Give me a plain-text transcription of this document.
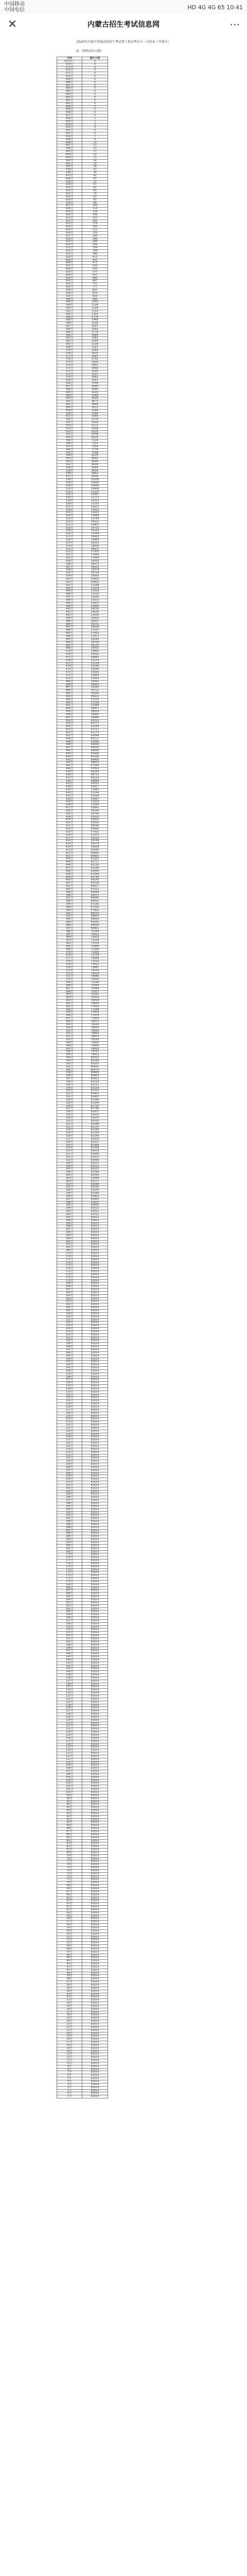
中国移动
中国电信	HD 4G 4G 65 10:41
✕	内蒙古招生考试信息网	⋯
2020年内蒙古普通高校招生考试理工类高考总分一分段表（含加分）
段（理科段位分数）
分段	累计人数
675以上	0
674分	0
673分	0
672分	0
671分	0
670分	0
669分	0
668分	0
667分	0
666分	0
665分	0
664分	0
663分	0
662分	0
661分	0
660分	0
659分	0
658分	0
657分	0
656分	1
655分	2
654分	3
653分	4
652分	4
651分	5
650分	7
649分	9
648分	10
647分	13
646分	15
645分	17
644分	19
643分	21
642分	24
641分	25
640分	28
639分	32
638分	36
637分	42
636分	47
635分	52
634分	57
633分	62
632分	69
631分	76
630分	83
629分	90
628分	99
627分	109
626分	119
625分	128
624分	140
623分	152
622分	165
621分	179
620分	195
619分	212
618分	229
617分	246
616分	266
615分	286
614分	309
613分	334
612分	359
611分	386
610分	413
609分	442
608分	471
607分	503
606分	536
605分	570
604分	607
603分	646
602分	687
601分	731
600分	777
599分	825
598分	876
597分	929
596分	984
595分	1043
594分	1104
593分	1166
592分	1233
591分	1302
590分	1374
589分	1449
588分	1528
587分	1607
586分	1691
585分	1779
584分	1869
583分	1962
582分	2059
581分	2158
580分	2261
579分	2365
578分	2475
577分	2587
576分	2702
575分	2820
574分	2941
573分	3066
572分	3195
571分	3327
570分	3462
569分	3601
568分	3744
567分	3890
566分	4040
565分	4193
564分	4349
563分	4509
562分	4673
561分	4840
560分	5011
559分	5186
558分	5364
557分	5545
556分	5730
555分	5919
554分	6111
553分	6306
552分	6505
551分	6708
550分	6914
549分	7124
548分	7337
547分	7554
546分	7774
545分	7998
544分	8225
543分	8456
542分	8690
541分	8928
540分	9169
539分	9414
538分	9662
537分	9914
536分	10169
535分	10428
534分	10690
533分	10956
532分	11225
531分	11497
530分	11773
529分	12052
528分	12335
527分	12621
526分	12910
525分	13203
524分	13499
523分	13798
522分	14101
521分	14407
520分	14716
519分	15029
518分	15344
517分	15663
516分	15985
515分	16310
514分	16638
513分	16970
512分	17305
511分	17643
510分	17984
509分	18328
508分	18675
507分	19025
506分	19378
505分	19734
504分	20093
503分	20455
502分	20820
501分	21188
500分	21559
499分	21933
498分	22310
497分	22690
496分	23072
495分	23457
494分	23845
493分	24236
492分	24630
491分	25026
490分	25425
489分	25827
488分	26231
487分	26638
486分	27047
485分	27459
484分	27873
483分	28290
482分	28709
481分	29131
480分	29555
479分	29981
478分	30410
477分	30841
476分	31274
475分	31709
474分	32146
473分	32585
472分	33026
471分	33469
470分	33914
469分	34361
468分	34810
467分	35260
466分	35712
465分	36166
464分	36621
463分	37078
462分	37536
461分	37996
460分	38457
459分	38919
458分	39382
457分	39846
456分	40311
455分	40777
454分	41244
453分	41711
452分	42179
451分	42648
450分	43117
449分	43586
448分	44056
447分	44526
446分	44996
445分	45466
444分	45936
443分	46406
442分	46876
441分	47345
440分	47814
439分	48283
438分	48751
437分	49219
436分	49686
435分	50152
434分	50617
433分	51081
432分	51544
431分	52006
430分	52467
429分	52926
428分	53384
427分	53841
426分	54296
425分	54750
424分	55202
423分	55652
422分	56100
421分	56546
420分	56990
419分	57432
418分	57872
417分	58310
416分	58745
415分	59178
414分	59608
413分	60035
412分	60460
411分	60882
410分	61301
409分	61717
408分	62130
407分	62540
406分	62946
405分	63349
404分	63749
403分	64145
402分	64538
401分	64927
400分	65312
399分	65694
398分	66071
397分	66445
396分	66815
395分	67181
394分	67543
393分	67901
392分	68255
391分	68605
390分	68950
389分	69291
388分	69628
387分	69961
386分	70289
385分	70613
384分	70933
383分	71248
382分	71559
381分	71866
380分	72168
379分	72466
378分	72759
377分	73048
376分	73332
375分	73612
374分	73887
373分	74158
372分	74424
371分	74686
370分	74943
369分	75196
368分	75444
367分	75688
366分	75927
365分	76162
364分	76392
363分	76618
362分	76839
361分	77056
360分	77268
359分	77476
358分	77679
357分	77878
356分	78072
355分	78262
354分	78447
353分	78628
352分	78804
351分	78976
350分	79143
349分	79306
348分	79464
347分	79618
346分	79767
345分	79912
344分	80052
343分	80188
342分	80320
341分	80447
340分	80570
339分	80689
338分	80803
337分	80913
336分	81019
335分	81121
334分	81218
333分	81312
332分	81401
331分	81487
330分	81568
329分	81646
328分	81720
327分	81790
326分	81857
325分	81920
324分	81979
323分	82035
322分	82088
321分	82137
320分	82183
319分	82226
318分	82266
317分	82303
316分	82337
315分	82369
314分	82398
313分	82424
312分	82448
311分	82470
310分	82490
309分	82507
308分	82523
307分	82537
306分	82549
305分	82560
304分	82569
303分	82577
302分	82584
301分	82590
300分	82595
299分	82599
298分	82602
297分	82605
296分	82607
295分	82609
294分	82610
293分	82611
292分	82612
291分	82612
290分	82613
289分	82613
288分	82613
287分	82614
286分	82614
285分	82614
284分	82614
283分	82614
282分	82614
281分	82614
280分	82614
279分	82614
278分	82614
277分	82614
276分	82614
275分	82614
274分	82614
273分	82614
272分	82614
271分	82614
270分	82614
269分	82614
268分	82614
267分	82614
266分	82614
265分	82614
264分	82614
263分	82614
262分	82614
261分	82614
260分	82614
259分	82614
258分	82614
257分	82614
256分	82614
255分	82614
254分	82614
253分	82614
252分	82614
251分	82614
250分	82614
249分	82614
248分	82614
247分	82614
246分	82614
245分	82614
244分	82614
243分	82614
242分	82614
241分	82614
240分	82614
239分	82614
238分	82614
237分	82614
236分	82614
235分	82614
234分	82614
233分	82614
232分	82614
231分	82614
230分	82614
229分	82614
228分	82614
227分	82614
226分	82614
225分	82614
224分	82614
223分	82614
222分	82614
221分	82614
220分	82614
219分	82614
218分	82614
217分	82614
216分	82614
215分	82614
214分	82614
213分	82614
212分	82614
211分	82614
210分	82614
209分	82614
208分	82614
207分	82614
206分	82614
205分	82614
204分	82614
203分	82614
202分	82614
201分	82614
200分	82614
199分	82614
198分	82614
197分	82614
196分	82614
195分	82614
194分	82614
193分	82614
192分	82614
191分	82614
190分	82614
189分	82614
188分	82614
187分	82614
186分	82614
185分	82614
184分	82614
183分	82614
182分	82614
181分	82614
180分	82614
179分	82614
178分	82614
177分	82614
176分	82614
175分	82614
174分	82614
173分	82614
172分	82614
171分	82614
170分	82614
169分	82614
168分	82614
167分	82614
166分	82614
165分	82614
164分	82614
163分	82614
162分	82614
161分	82614
160分	82614
159分	82614
158分	82614
157分	82614
156分	82614
155分	82614
154分	82614
153分	82614
152分	82614
151分	82614
150分	82614
149分	82614
148分	82614
147分	82614
146分	82614
145分	82614
144分	82614
143分	82614
142分	82614
141分	82614
140分	82614
139分	82614
138分	82614
137分	82614
136分	82614
135分	82614
134分	82614
133分	82614
132分	82614
131分	82614
130分	82614
129分	82614
128分	82614
127分	82614
126分	82614
125分	82614
124分	82614
123分	82614
122分	82614
121分	82614
120分	82614
119分	82614
118分	82614
117分	82614
116分	82614
115分	82614
114分	82614
113分	82614
112分	82614
111分	82614
110分	82614
109分	82614
108分	82614
107分	82614
106分	82614
105分	82614
104分	82614
103分	82614
102分	82614
101分	82614
100分	82614
99分	82614
98分	82614
97分	82614
96分	82614
95分	82614
94分	82614
93分	82614
92分	82614
91分	82614
90分	82614
89分	82614
88分	82614
87分	82614
86分	82614
85分	82614
84分	82614
83分	82614
82分	82614
81分	82614
80分	82614
79分	82614
78分	82614
77分	82614
76分	82614
75分	82614
74分	82614
73分	82614
72分	82614
71分	82614
70分	82614
69分	82614
68分	82614
67分	82614
66分	82614
65分	82614
64分	82614
63分	82614
62分	82614
61分	82614
60分	82614
59分	82614
58分	82614
57分	82614
56分	82614
55分	82614
54分	82614
53分	82614
52分	82614
51分	82614
50分	82614
49分	82614
48分	82614
47分	82614
46分	82614
45分	82614
44分	82614
43分	82614
42分	82614
41分	82614
40分	82614
39分	82614
38分	82614
37分	82614
36分	82614
35分	82614
34分	82614
33分	82614
32分	82614
31分	82614
30分	82614
29分	82614
28分	82614
27分	82614
26分	82614
25分	82614
24分	82614
23分	82614
22分	82614
21分	82614
20分	82614
19分	82614
18分	82614
17分	82614
16分	82614
15分	82614
14分	82614
13分	82614
12分	82614
11分	82614
10分	82614
9分	82614
8分	82614
7分	82614
6分	82614
5分	82614
4分	82614
3分	82614
2分	82614
1分	82614
0分	82614
合计	82614
